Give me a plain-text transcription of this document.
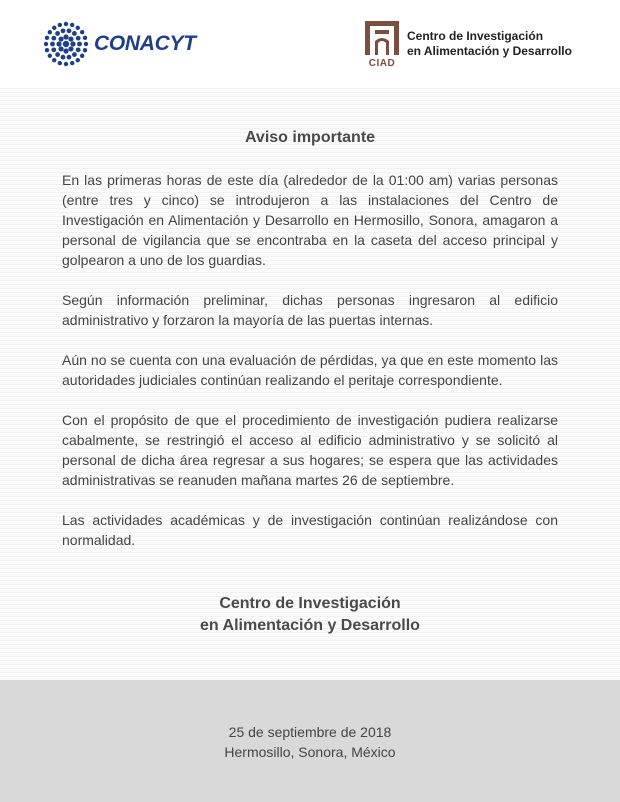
CONACYT
CIAD
Centro de Investigación
en Alimentación y Desarrollo
Aviso importante

En las primeras horas de este día (alrededor de la 01:00 am) varias personas (entre tres y cinco) se introdujeron a las instalaciones del Centro de Investigación en Alimentación y Desarrollo en Hermosillo, Sonora, amagaron a personal de vigilancia que se encontraba en la caseta del acceso principal y golpearon a uno de los guardias.

Según información preliminar, dichas personas ingresaron al edificio administrativo y forzaron la mayoría de las puertas internas.

Aún no se cuenta con una evaluación de pérdidas, ya que en este momento las autoridades judiciales continúan realizando el peritaje correspondiente.

Con el propósito de que el procedimiento de investigación pudiera realizarse cabalmente, se restringió el acceso al edificio administrativo y se solicitó al personal de dicha área regresar a sus hogares; se espera que las actividades administrativas se reanuden mañana martes 26 de septiembre.

Las actividades académicas y de investigación continúan realizándose con normalidad.

Centro de Investigación
en Alimentación y Desarrollo
25 de septiembre de 2018
Hermosillo, Sonora, México
